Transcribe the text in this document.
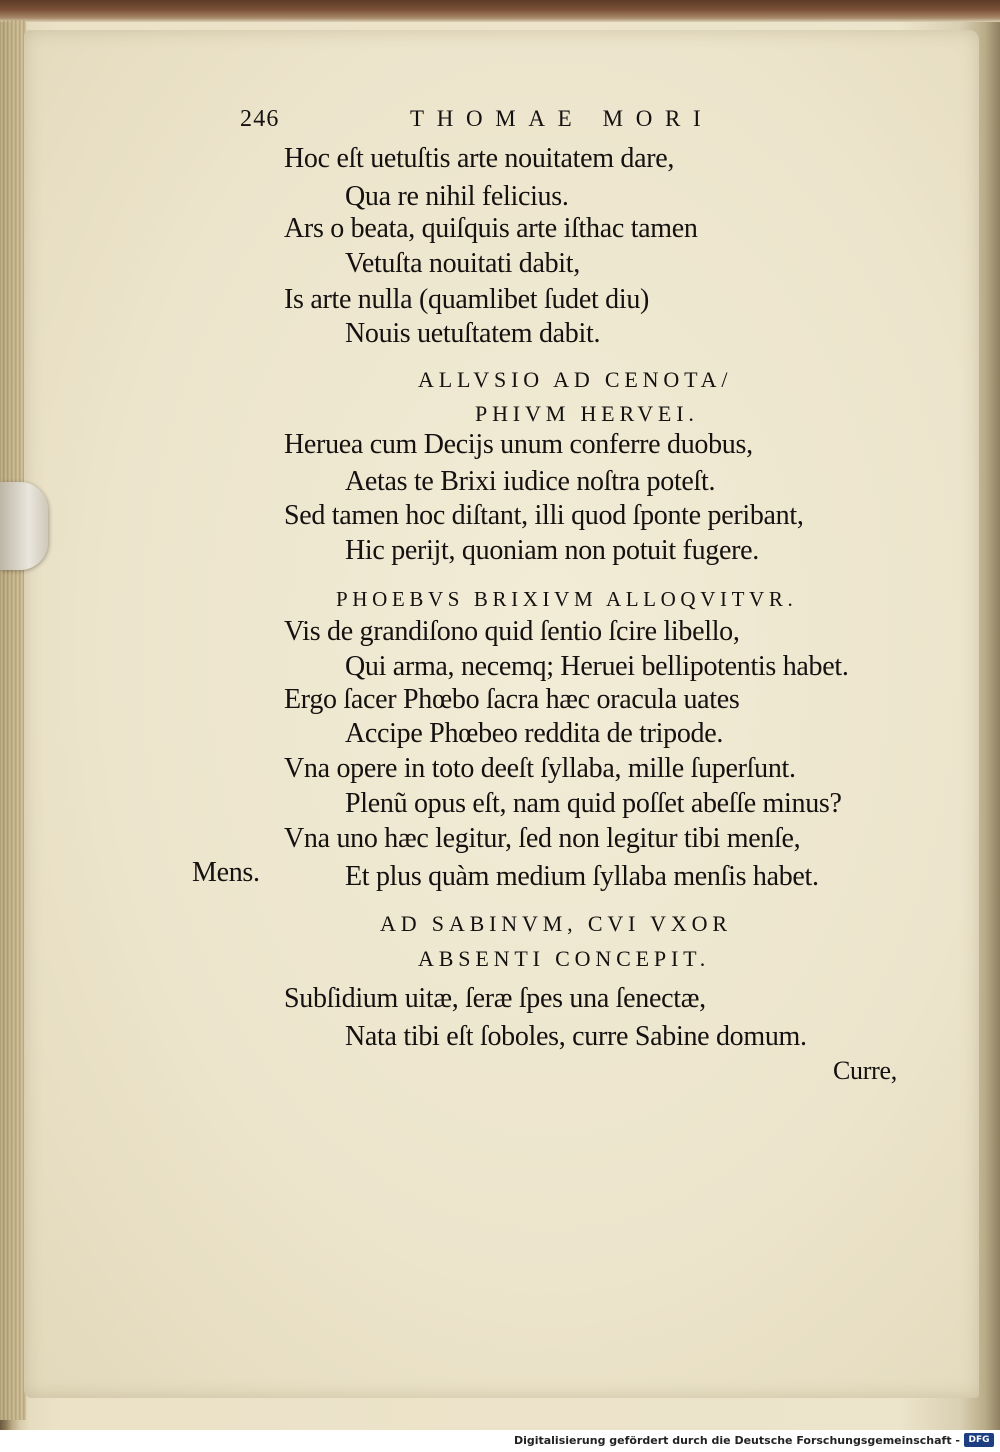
246	THOMAE MORI
Hoc eſt uetuſtis arte nouitatem dare,
Qua re nihil felicius.
Ars o beata, quiſquis arte iſthac tamen
Vetuſta nouitati dabit,
Is arte nulla (quamlibet ſudet diu)
Nouis uetuſtatem dabit.
ALLVSIO AD CENOTA/
PHIVM HERVEI.
Heruea cum Decijs unum conferre duobus,
Aetas te Brixi iudice noſtra poteſt.
Sed tamen hoc diſtant, illi quod ſponte peribant,
Hic perijt, quoniam non potuit fugere.
PHOEBVS BRIXIVM ALLOQVITVR.
Vis de grandiſono quid ſentio ſcire libello,
Qui arma, necemq; Heruei bellipotentis habet.
Ergo ſacer Phœbo ſacra hæc oracula uates
Accipe Phœbeo reddita de tripode.
Vna opere in toto deeſt ſyllaba, mille ſuperſunt.
Plenũ opus eſt, nam quid poſſet abeſſe minus?
Vna uno hæc legitur, ſed non legitur tibi menſe,
Et plus quàm medium ſyllaba menſis habet.
Mens.
AD SABINVM, CVI VXOR
ABSENTI CONCEPIT.
Subſidium uitæ, ſeræ ſpes una ſenectæ,
Nata tibi eſt ſoboles, curre Sabine domum.
Curre,
Digitalisierung gefördert durch die Deutsche Forschungsgemeinschaft - DFG
